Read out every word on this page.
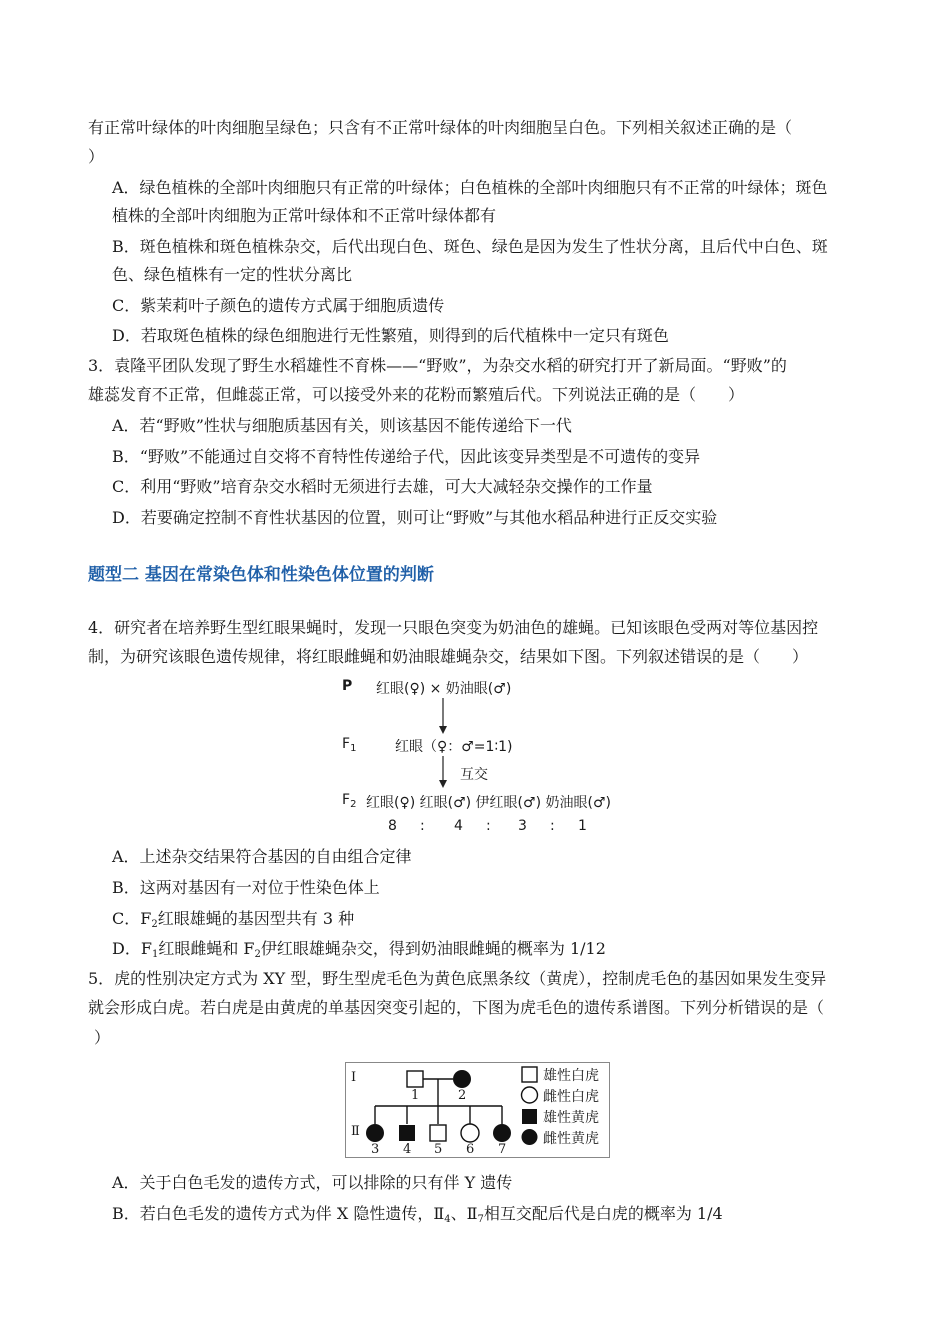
有正常叶绿体的叶肉细胞呈绿色；只含有不正常叶绿体的叶肉细胞呈白色。下列相关叙述正确的是（
）
A．绿色植株的全部叶肉细胞只有正常的叶绿体；白色植株的全部叶肉细胞只有不正常的叶绿体；斑色
植株的全部叶肉细胞为正常叶绿体和不正常叶绿体都有
B．斑色植株和斑色植株杂交，后代出现白色、斑色、绿色是因为发生了性状分离，且后代中白色、斑
色、绿色植株有一定的性状分离比
C．紫茉莉叶子颜色的遗传方式属于细胞质遗传
D．若取斑色植株的绿色细胞进行无性繁殖，则得到的后代植株中一定只有斑色
3．袁隆平团队发现了野生水稻雄性不育株——“野败”，为杂交水稻的研究打开了新局面。“野败”的
雄蕊发育不正常，但雌蕊正常，可以接受外来的花粉而繁殖后代。下列说法正确的是（　　）
A．若“野败”性状与细胞质基因有关，则该基因不能传递给下一代
B．“野败”不能通过自交将不育特性传递给子代，因此该变异类型是不可遗传的变异
C．利用“野败”培育杂交水稻时无须进行去雄，可大大减轻杂交操作的工作量
D．若要确定控制不育性状基因的位置，则可让“野败”与其他水稻品种进行正反交实验
题型二 基因在常染色体和性染色体位置的判断
4．研究者在培养野生型红眼果蝇时，发现一只眼色突变为奶油色的雄蝇。已知该眼色受两对等位基因控
制，为研究该眼色遗传规律，将红眼雌蝇和奶油眼雄蝇杂交，结果如下图。下列叙述错误的是（　　）
P 红眼(♀) × 奶油眼(♂)
$F_1$	红眼（♀：♂=1∶1)
互交
$F_2$ 红眼(♀) 红眼(♂) 伊红眼(♂) 奶油眼(♂)
8 : 4 : 3 : 1
A．上述杂交结果符合基因的自由组合定律
B．这两对基因有一对位于性染色体上
C．$F_2$红眼雄蝇的基因型共有 3 种
D．$F_1$红眼雌蝇和 $F_2$伊红眼雄蝇杂交，得到奶油眼雌蝇的概率为 1/12
5．虎的性别决定方式为 XY 型，野生型虎毛色为黄色底黑条纹（黄虎），控制虎毛色的基因如果发生变异
就会形成白虎。若白虎是由黄虎的单基因突变引起的，下图为虎毛色的遗传系谱图。下列分析错误的是（
）
Ⅰ
Ⅱ
1	2
3 4 5 6 7
雄性白虎
雌性白虎
雄性黄虎
雌性黄虎
A．关于白色毛发的遗传方式，可以排除的只有伴 Y 遗传
B．若白色毛发的遗传方式为伴 X 隐性遗传，$Ⅱ_4$、$Ⅱ_7$相互交配后代是白虎的概率为 1/4
